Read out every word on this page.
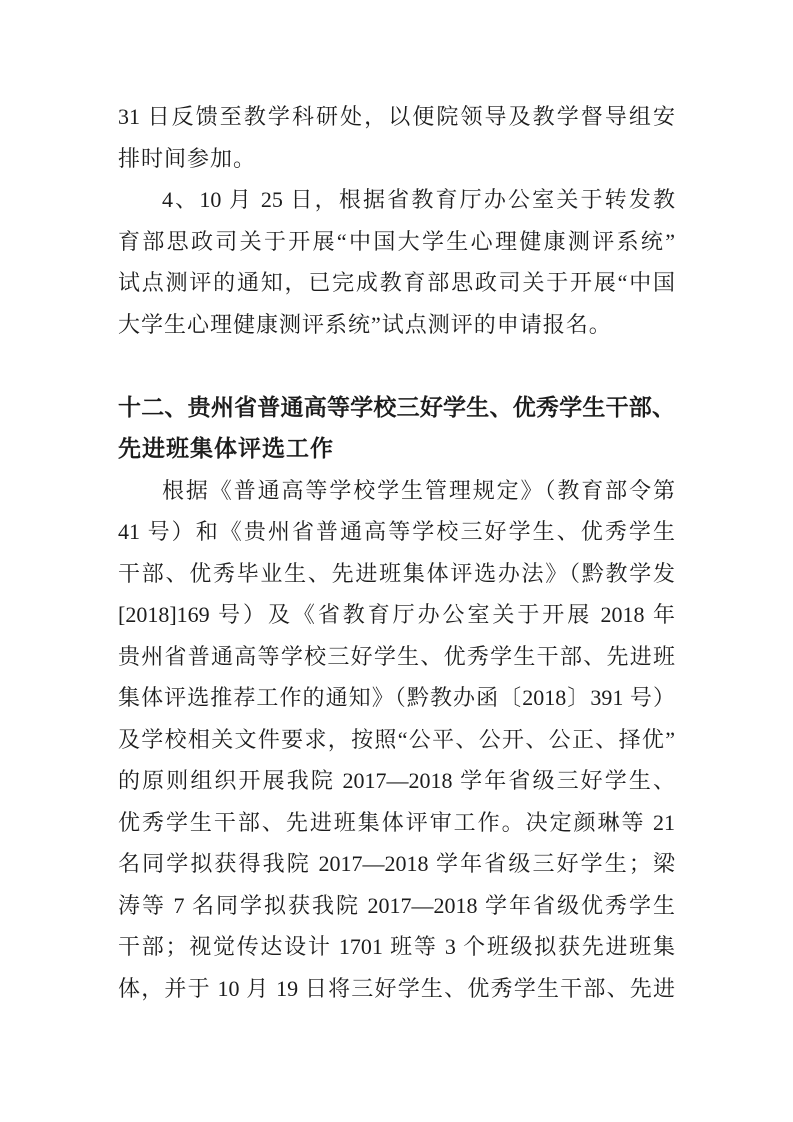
31 日反馈至教学科研处，以便院领导及教学督导组安
排时间参加。
4、10 月 25 日，根据省教育厅办公室关于转发教
育部思政司关于开展“中国大学生心理健康测评系统”
试点测评的通知，已完成教育部思政司关于开展“中国
大学生心理健康测评系统”试点测评的申请报名。
十二、贵州省普通高等学校三好学生、优秀学生干部、
先进班集体评选工作
根据《普通高等学校学生管理规定》（教育部令第
41 号）和《贵州省普通高等学校三好学生、优秀学生
干部、优秀毕业生、先进班集体评选办法》（黔教学发
[2018]169 号）及《省教育厅办公室关于开展 2018 年
贵州省普通高等学校三好学生、优秀学生干部、先进班
集体评选推荐工作的通知》（黔教办函〔2018〕391 号）
及学校相关文件要求，按照“公平、公开、公正、择优”
的原则组织开展我院 2017—2018 学年省级三好学生、
优秀学生干部、先进班集体评审工作。决定颜琳等 21
名同学拟获得我院 2017—2018 学年省级三好学生；梁
涛等 7 名同学拟获我院 2017—2018 学年省级优秀学生
干部；视觉传达设计 1701 班等 3 个班级拟获先进班集
体，并于 10 月 19 日将三好学生、优秀学生干部、先进
